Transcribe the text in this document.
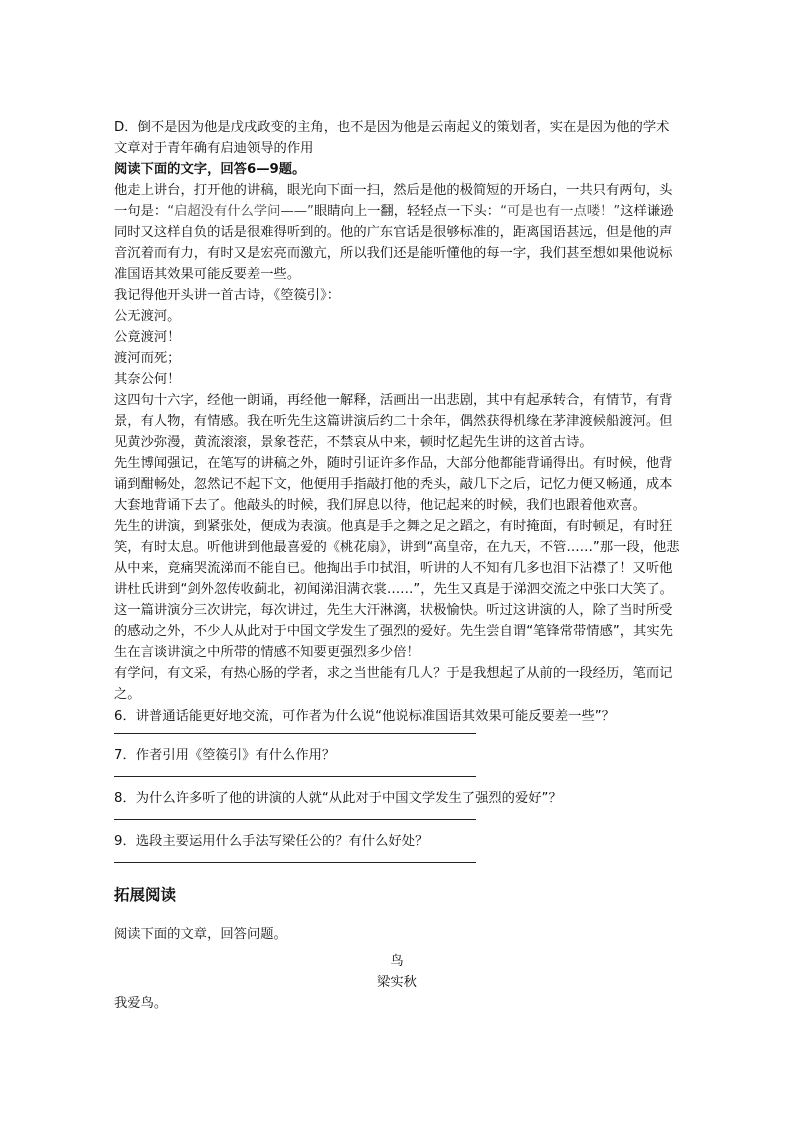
D．倒不是因为他是戊戌政变的主角，也不是因为他是云南起义的策划者，实在是因为他的学术文章对于青年确有启迪领导的作用

阅读下面的文字，回答6—9题。

他走上讲台，打开他的讲稿，眼光向下面一扫，然后是他的极简短的开场白，一共只有两句，头一句是：“启超没有什么学问——”眼睛向上一翻，轻轻点一下头：“可是也有一点喽！”这样谦逊同时又这样自负的话是很难得听到的。他的广东官话是很够标准的，距离国语甚远，但是他的声音沉着而有力，有时又是宏亮而激亢，所以我们还是能听懂他的每一字，我们甚至想如果他说标准国语其效果可能反要差一些。

我记得他开头讲一首古诗，《箜篌引》：

公无渡河。

公竟渡河！

渡河而死；

其奈公何！

这四句十六字，经他一朗诵，再经他一解释，活画出一出悲剧，其中有起承转合，有情节，有背景，有人物，有情感。我在听先生这篇讲演后约二十余年，偶然获得机缘在茅津渡候船渡河。但见黄沙弥漫，黄流滚滚，景象苍茫，不禁哀从中来，顿时忆起先生讲的这首古诗。

先生博闻强记，在笔写的讲稿之外，随时引证许多作品，大部分他都能背诵得出。有时候，他背诵到酣畅处，忽然记不起下文，他便用手指敲打他的秃头，敲几下之后，记忆力便又畅通，成本大套地背诵下去了。他敲头的时候，我们屏息以待，他记起来的时候，我们也跟着他欢喜。

先生的讲演，到紧张处，便成为表演。他真是手之舞之足之蹈之，有时掩面，有时顿足，有时狂笑，有时太息。听他讲到他最喜爱的《桃花扇》，讲到“高皇帝，在九天，不管……”那一段，他悲从中来，竟痛哭流涕而不能自已。他掏出手巾拭泪，听讲的人不知有几多也泪下沾襟了！又听他讲杜氏讲到“剑外忽传收蓟北，初闻涕泪满衣裳……”，先生又真是于涕泗交流之中张口大笑了。

这一篇讲演分三次讲完，每次讲过，先生大汗淋漓，状极愉快。听过这讲演的人，除了当时所受的感动之外，不少人从此对于中国文学发生了强烈的爱好。先生尝自谓“笔锋常带情感”，其实先生在言谈讲演之中所带的情感不知要更强烈多少倍！

有学问，有文采，有热心肠的学者，求之当世能有几人？于是我想起了从前的一段经历，笔而记之。

6．讲普通话能更好地交流，可作者为什么说“他说标准国语其效果可能反要差一些”？

7．作者引用《箜篌引》有什么作用？

8．为什么许多听了他的讲演的人就“从此对于中国文学发生了强烈的爱好”？

9．选段主要运用什么手法写梁任公的？有什么好处？

拓展阅读

阅读下面的文章，回答问题。

鸟

梁实秋

我爱鸟。
